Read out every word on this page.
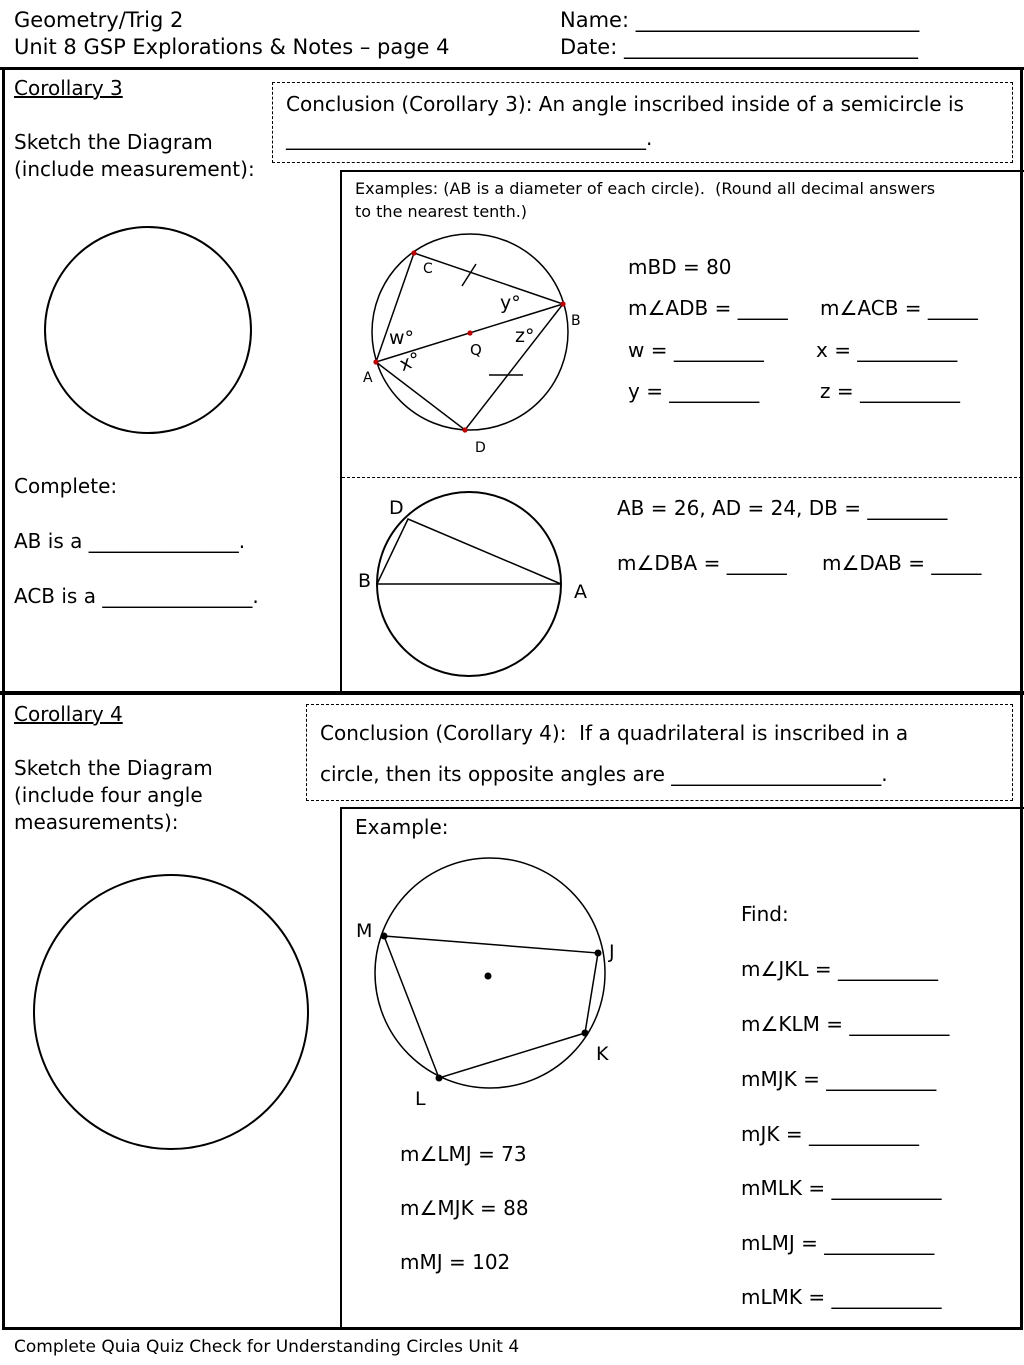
Geometry/Trig 2
Unit 8 GSP Explorations & Notes – page 4
Name: ___________________________
Date: ____________________________
Corollary 3
Sketch the Diagram
(include measurement):
Conclusion (Corollary 3): An angle inscribed inside of a semicircle is
____________________________________.
Examples: (AB is a diameter of each circle).  (Round all decimal answers
to the nearest tenth.)
mBD = 80
m∠ADB = _____ m∠ACB = _____
w = _________	x = __________
y = _________	z = __________
AB = 26, AD = 24, DB = ________
m∠DBA = ______ m∠DAB = _____
Complete:
AB is a _______________.
ACB is a _______________.
Corollary 4
Sketch the Diagram
(include four angle
measurements):
Conclusion (Corollary 4):  If a quadrilateral is inscribed in a
circle, then its opposite angles are _____________________.
Example:
m∠LMJ = 73
m∠MJK = 88
mMJ = 102
Find:
m∠JKL = __________
m∠KLM = __________
mMJK = ___________
mJK = ___________
mMLK = ___________
mLMJ = ___________
mLMK = ___________
Complete Quia Quiz Check for Understanding Circles Unit 4
C
B
A
D
Q
w°
x°
y°
z°
D
B	A
M
J
K
L
